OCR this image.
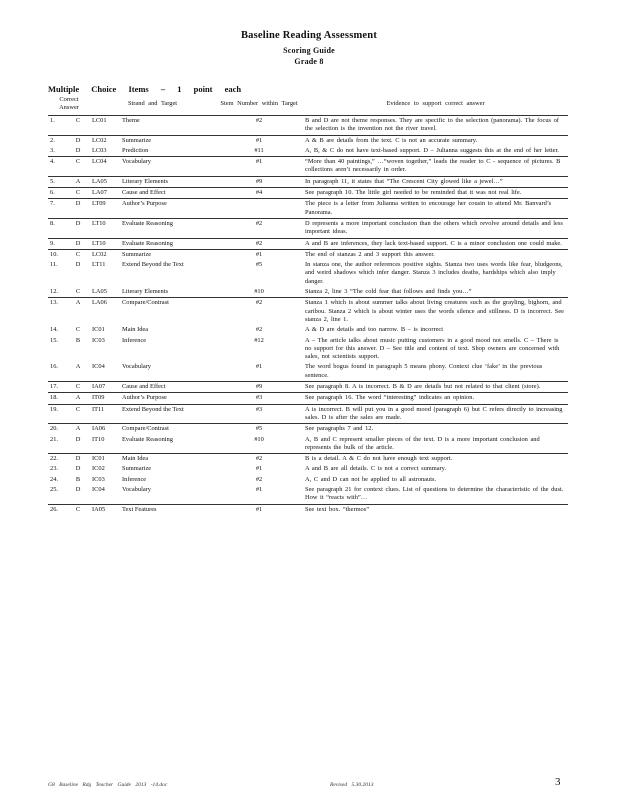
Baseline Reading Assessment
Scoring Guide
Grade 8
Multiple Choice Items – 1 point each
Correct Answer		Strand and Target		Stem Number within Target	Evidence to support correct answer
1.	C	LC01	Theme	#2	B and D are not theme responses. They are specific to the selection (panorama). The focus of the selection is the invention not the river travel.
2.	D	LC02	Summarize	#1	A & B are details from the text. C is not an accurate summary.
3.	D	LC03	Prediction	#11	A, B, & C do not have text-based support. D – Julianna suggests this at the end of her letter.
4.	C	LC04	Vocabulary	#1	“More than 40 paintings,” …“woven together,” leads the reader to C - sequence of pictures. B collections aren’t necessarily in order.
5.	A	LA05	Literary Elements	#9	In paragraph 11, it states that “The Crescent City glowed like a jewel…”
6.	C	LA07	Cause and Effect	#4	See paragraph 10. The little girl needed to be reminded that it was not real life.
7.	D	LT09	Author’s Purpose		The piece is a letter from Julianna written to encourage her cousin to attend Mr. Banvard’s Panorama.
8.	D	LT10	Evaluate Reasoning	#2	D represents a more important conclusion than the others which revolve around details and less important ideas.
9.	D	LT10	Evaluate Reasoning	#2	A and B are inferences, they lack text-based support. C is a minor conclusion one could make.
10.	C	LC02	Summarize	#1	The end of stanzas 2 and 3 support this answer.
11.	D	LT11	Extend Beyond the Text	#5	In stanza one, the author references positive sights. Stanza two uses words like fear, bludgeons, and weird shadows which infer danger. Stanza 3 includes deaths, hardships which also imply danger.
12.	C	LA05	Literary Elements	#10	Stanza 2, line 3 “The cold fear that follows and finds you…”
13.	A	LA06	Compare/Contrast	#2	Stanza 1 which is about summer talks about living creatures such as the grayling, bighorn, and caribou. Stanza 2 which is about winter uses the words silence and stillness. D is incorrect. See stanza 2, line 1.
14.	C	IC01	Main Idea	#2	A & D are details and too narrow. B – is incorrect
15.	B	IC03	Inference	#12	A – The article talks about music putting customers in a good mood not smells. C – There is no support for this answer. D – See title and content of text. Shop owners are concerned with sales, not scientists support.
16.	A	IC04	Vocabulary	#1	The word bogus found in paragraph 5 means phony. Context clue ‘fake’ in the previous sentence.
17.	C	IA07	Cause and Effect	#9	See paragraph 8. A is incorrect. B & D are details but not related to that client (store).
18.	A	IT09	Author’s Purpose	#3	See paragraph 16. The word “interesting” indicates an opinion.
19.	C	IT11	Extend Beyond the Text	#3	A is incorrect. B will put you in a good mood (paragraph 6) but C refers directly to increasing sales. D is after the sales are made.
20.	A	IA06	Compare/Contrast	#5	See paragraphs 7 and 12.
21.	D	IT10	Evaluate Reasoning	#10	A, B and C represent smaller pieces of the text. D is a more important conclusion and represents the bulk of the article.
22.	D	IC01	Main Idea	#2	B is a detail. A & C do not have enough text support.
23.	D	IC02	Summarize	#1	A and B are all details. C is not a correct summary.
24.	B	IC03	Inference	#2	A, C and D can not be applied to all astronauts.
25.	D	IC04	Vocabulary	#1	See paragraph 21 for context clues. List of questions to determine the characteristic of the dust. How it “reacts with”…
26.	C	IA05	Text Features	#1	See text box. “thermos”
G8 Baseline Rdg Teacher Guide 2013 -14.doc	Revised 5.30.2013	3
